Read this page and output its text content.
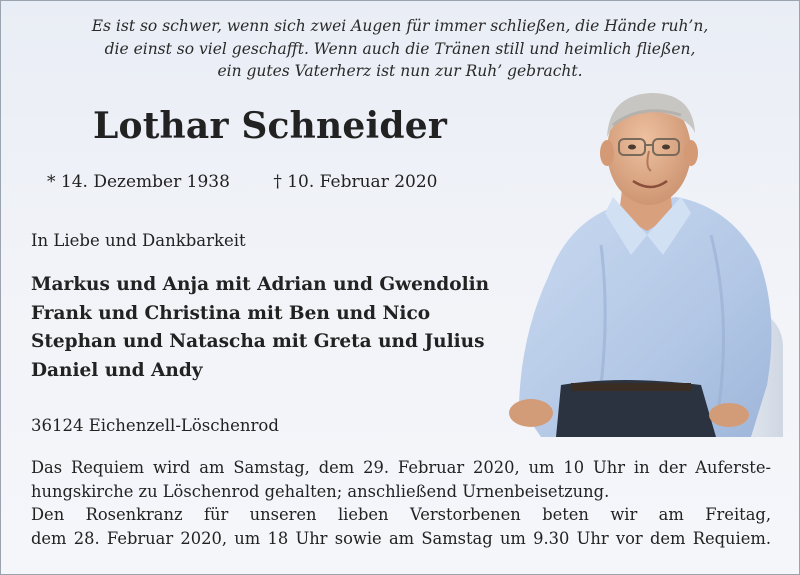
Es ist so schwer, wenn sich zwei Augen für immer schließen, die Hände ruh’n,
die einst so viel geschafft. Wenn auch die Tränen still und heimlich fließen,
ein gutes Vaterherz ist nun zur Ruh’ gebracht.
Lothar Schneider
* 14. Dezember 1938	† 10. Februar 2020
In Liebe und Dankbarkeit
Markus und Anja mit Adrian und Gwendolin
Frank und Christina mit Ben und Nico
Stephan und Natascha mit Greta und Julius
Daniel und Andy
36124 Eichenzell-Löschenrod
Das Requiem wird am Samstag, dem 29. Februar 2020, um 10 Uhr in der Auferste-
hungskirche zu Löschenrod gehalten; anschließend Urnenbeisetzung.
Den Rosenkranz für unseren lieben Verstorbenen beten wir am Freitag,
dem 28. Februar 2020, um 18 Uhr sowie am Samstag um 9.30 Uhr vor dem Requiem.
